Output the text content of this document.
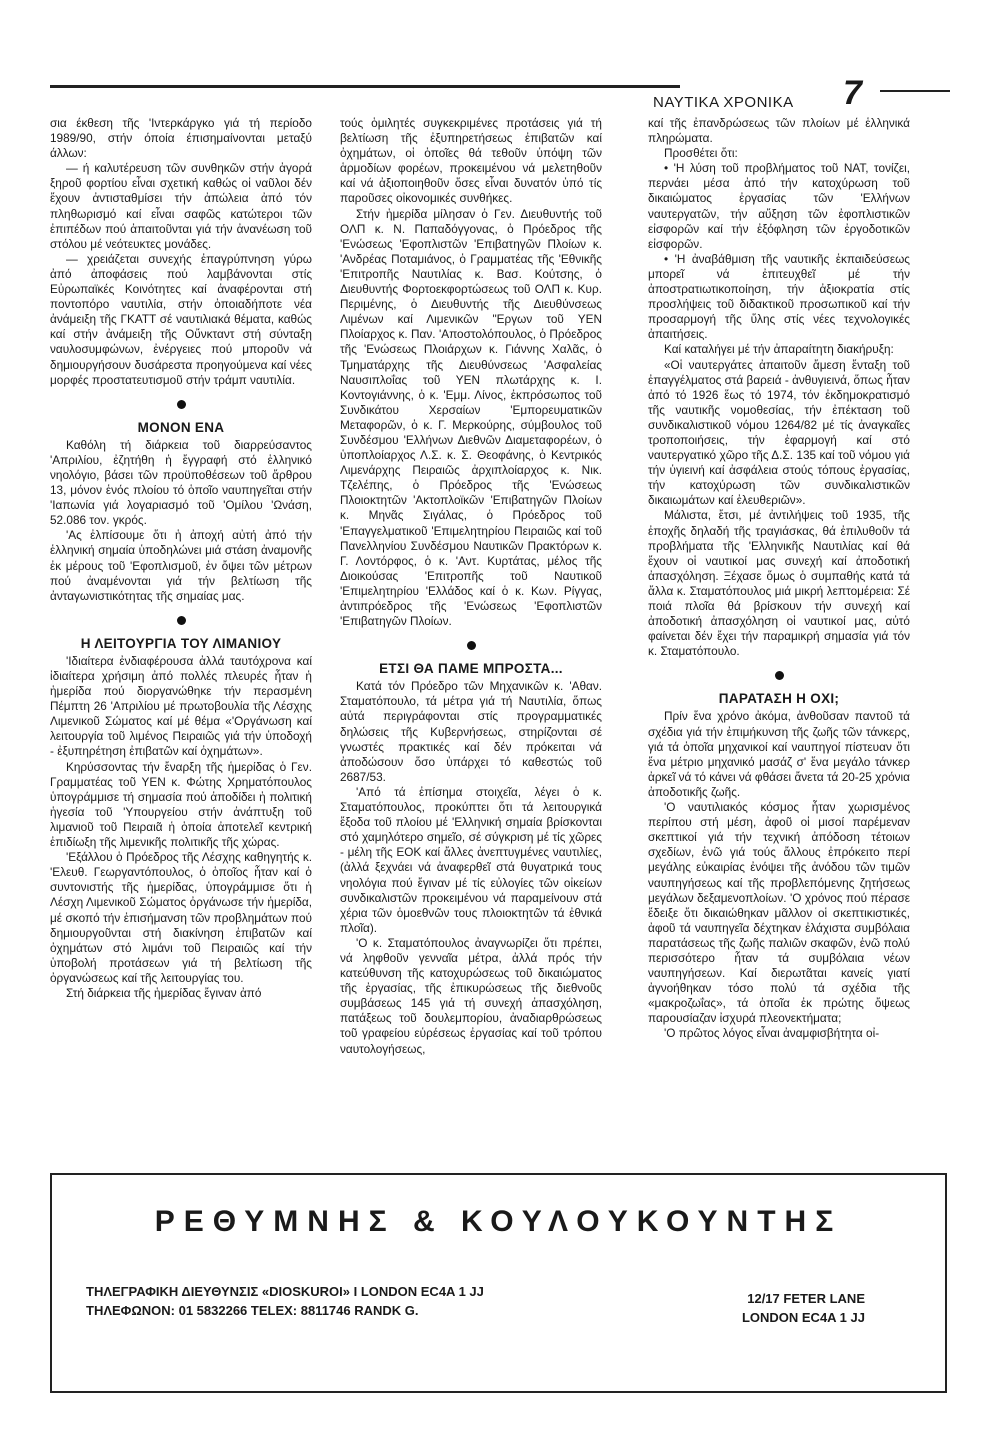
ΝΑΥΤΙΚΑ ΧΡΟΝΙΚΑ 7

σια έκθεση τῆς 'Ιντερκάργκο γιά τή περίοδο 1989/90, στήν όποία έπισημαίνονται μεταξύ άλλων:

— ή καλυτέρευση τῶν συνθηκῶν στήν ἀγορά ξηροῦ φορτίου εἶναι σχετική καθώς οἱ ναῦλοι δέν ἔχουν ἀντισταθμίσει τήν ἀπώλεια ἀπό τόν πληθωρισμό καί εἶναι σαφῶς κατώτεροι τῶν ἐπιπέδων πού ἀπαιτοῦνται γιά τήν ἀνανέωση τοῦ στόλου μέ νεότευκτες μονάδες.

— χρειάζεται συνεχής ἐπαγρύπνηση γύρω ἀπό ἀποφάσεις πού λαμβάνονται στίς Εὐρωπαϊκές Κοινότητες καί ἀναφέρονται στή ποντοπόρο ναυτιλία, στήν ὁποιαδήποτε νέα ἀνάμειξη τῆς ΓΚΑΤΤ σέ ναυτιλιακά θέματα, καθώς καί στήν ἀνάμειξη τῆς Οὔνκταντ στή σύνταξη ναυλοσυμφώνων, ἐνέργειες πού μποροῦν νά δημιουργήσουν δυσάρεστα προηγούμενα καί νέες μορφές προστατευτισμοῦ στήν τράμπ ναυτιλία.

ΜΟΝΟΝ ΕΝΑ

Καθόλη τή διάρκεια τοῦ διαρρεύσαντος 'Απριλίου, ἐζητήθη ἡ ἔγγραφή στό ἑλληνικό νηολόγιο, βάσει τῶν προϋποθέσεων τοῦ ἄρθρου 13, μόνον ἑνός πλοίου τό ὁποῖο ναυπηγεῖται στήν 'Ιαπωνία γιά λογαριασμό τοῦ 'Ομίλου 'Ωνάση, 52.086 τον. γκρός.

'Ας ἐλπίσουμε ὅτι ἡ ἀποχή αὐτή ἀπό τήν ἑλληνική σημαία ὑποδηλώνει μιά στάση ἀναμονῆς ἐκ μέρους τοῦ 'Εφοπλισμοῦ, ἐν ὄψει τῶν μέτρων πού ἀναμένονται γιά τήν βελτίωση τῆς ἀνταγωνιστικότητας τῆς σημαίας μας.

Η ΛΕΙΤΟΥΡΓΙΑ ΤΟΥ ΛΙΜΑΝΙΟΥ

'Ιδιαίτερα ἐνδιαφέρουσα ἀλλά ταυτόχρονα καί ἰδιαίτερα χρήσιμη ἀπό πολλές πλευρές ἦταν ἡ ἡμερίδα πού διοργανώθηκε τήν περασμένη Πέμπτη 26 'Απριλίου μέ πρωτοβουλία τῆς Λέσχης Λιμενικοῦ Σώματος καί μέ θέμα «'Οργάνωση καί λειτουργία τοῦ λιμένος Πειραιῶς γιά τήν ὑποδοχή - ἐξυπηρέτηση ἐπιβατῶν καί ὀχημάτων».

Κηρύσσοντας τήν ἔναρξη τῆς ἡμερίδας ὁ Γεν. Γραμματέας τοῦ ΥΕΝ κ. Φώτης Χρηματόπουλος ὑπογράμμισε τή σημασία πού ἀποδίδει ἡ πολιτική ἡγεσία τοῦ 'Υπουργείου στήν ἀνάπτυξη τοῦ λιμανιοῦ τοῦ Πειραιᾶ ἡ ὁποία ἀποτελεῖ κεντρική ἐπιδίωξη τῆς λιμενικῆς πολιτικῆς τῆς χώρας.

'Εξάλλου ὁ Πρόεδρος τῆς Λέσχης καθηγητής κ. 'Ελευθ. Γεωργαντόπουλος, ὁ ὁποῖος ἦταν καί ὁ συντονιστής τῆς ἡμερίδας, ὑπογράμμισε ὅτι ἡ Λέσχη Λιμενικοῦ Σώματος ὀργάνωσε τήν ἡμερίδα, μέ σκοπό τήν ἐπισήμανση τῶν προβλημάτων πού δημιουργοῦνται στή διακίνηση ἐπιβατῶν καί ὀχημάτων στό λιμάνι τοῦ Πειραιῶς καί τήν ὑποβολή προτάσεων γιά τή βελτίωση τῆς ὀργανώσεως καί τῆς λειτουργίας του.

Στή διάρκεια τῆς ἡμερίδας ἔγιναν ἀπό

τούς ὁμιλητές συγκεκριμένες προτάσεις γιά τή βελτίωση τῆς ἐξυπηρετήσεως ἐπιβατῶν καί ὀχημάτων, οἱ ὁποῖες θά τεθοῦν ὑπόψη τῶν ἁρμοδίων φορέων, προκειμένου νά μελετηθοῦν καί νά ἀξιοποιηθοῦν ὅσες εἶναι δυνατόν ὑπό τίς παροῦσες οἰκονομικές συνθήκες.

Στήν ἡμερίδα μίλησαν ὁ Γεν. Διευθυντής τοῦ ΟΛΠ κ. Ν. Παπαδόγγονας, ὁ Πρόεδρος τῆς 'Ενώσεως 'Εφοπλιστῶν 'Επιβατηγῶν Πλοίων κ. 'Ανδρέας Ποταμιάνος, ὁ Γραμματέας τῆς 'Εθνικῆς 'Επιτροπῆς Ναυτιλίας κ. Βασ. Κούτσης, ὁ Διευθυντής Φορτοεκφορτώσεως τοῦ ΟΛΠ κ. Κυρ. Περιμένης, ὁ Διευθυντής τῆς Διευθύνσεως Λιμένων καί Λιμενικῶν "Εργων τοῦ ΥΕΝ Πλοίαρχος κ. Παν. 'Αποστολόπουλος, ὁ Πρόεδρος τῆς 'Ενώσεως Πλοιάρχων κ. Γιάννης Χαλᾶς, ὁ Τμηματάρχης τῆς Διευθύνσεως 'Ασφαλείας Ναυσιπλοΐας τοῦ ΥΕΝ πλωτάρχης κ. Ι. Κοντογιάννης, ὁ κ. 'Εμμ. Λίνος, ἐκπρόσωπος τοῦ Συνδικάτου Χερσαίων 'Εμπορευματικῶν Μεταφορῶν, ὁ κ. Γ. Μερκούρης, σύμβουλος τοῦ Συνδέσμου 'Ελλήνων Διεθνῶν Διαμεταφορέων, ὁ ὑποπλοίαρχος Λ.Σ. κ. Σ. Θεοφάνης, ὁ Κεντρικός Λιμενάρχης Πειραιῶς ἀρχιπλοίαρχος κ. Νικ. Τζελέπης, ὁ Πρόεδρος τῆς 'Ενώσεως Πλοιοκτητῶν 'Ακτοπλοϊκῶν 'Επιβατηγῶν Πλοίων κ. Μηνᾶς Σιγάλας, ὁ Πρόεδρος τοῦ 'Επαγγελματικοῦ 'Επιμελητηρίου Πειραιῶς καί τοῦ Πανελληνίου Συνδέσμου Ναυτικῶν Πρακτόρων κ. Γ. Λοντόρφος, ὁ κ. 'Αντ. Κυρτάτας, μέλος τῆς Διοικούσας 'Επιτροπῆς τοῦ Ναυτικοῦ 'Επιμελητηρίου 'Ελλάδος καί ὁ κ. Κων. Ρίγγας, ἀντιπρόεδρος τῆς 'Ενώσεως 'Εφοπλιστῶν 'Επιβατηγῶν Πλοίων.

ΕΤΣΙ ΘΑ ΠΑΜΕ ΜΠΡΟΣΤΑ...

Κατά τόν Πρόεδρο τῶν Μηχανικῶν κ. 'Αθαν. Σταματόπουλο, τά μέτρα γιά τή Ναυτιλία, ὅπως αὐτά περιγράφονται στίς προγραμματικές δηλώσεις τῆς Κυβερνήσεως, στηρίζονται σέ γνωστές πρακτικές καί δέν πρόκειται νά ἀποδώσουν ὅσο ὑπάρχει τό καθεστώς τοῦ 2687/53.

'Από τά ἐπίσημα στοιχεῖα, λέγει ὁ κ. Σταματόπουλος, προκύπτει ὅτι τά λειτουργικά ἔξοδα τοῦ πλοίου μέ 'Ελληνική σημαία βρίσκονται στό χαμηλότερο σημεῖο, σέ σύγκριση μέ τίς χῶρες - μέλη τῆς ΕΟΚ καί ἄλλες ἀνεπτυγμένες ναυτιλίες, (ἀλλά ξεχνάει νά ἀναφερθεῖ στά θυγατρικά τους νηολόγια πού ἔγιναν μέ τίς εὐλογίες τῶν οἰκείων συνδικαλιστῶν προκειμένου νά παραμείνουν στά χέρια τῶν ὁμοεθνῶν τους πλοιοκτητῶν τά ἐθνικά πλοῖα).

'Ο κ. Σταματόπουλος ἀναγνωρίζει ὅτι πρέπει, νά ληφθοῦν γενναῖα μέτρα, ἀλλά πρός τήν κατεύθυνση τῆς κατοχυρώσεως τοῦ δικαιώματος τῆς ἐργασίας, τῆς ἐπικυρώσεως τῆς διεθνοῦς συμβάσεως 145 γιά τή συνεχή ἀπασχόληση, πατάξεως τοῦ δουλεμπορίου, ἀναδιαρθρώσεως τοῦ γραφείου εὑρέσεως ἐργασίας καί τοῦ τρόπου ναυτολογήσεως,

καί τῆς ἐπανδρώσεως τῶν πλοίων μέ ἑλληνικά πληρώματα.

Προσθέτει ὅτι:

• 'Η λύση τοῦ προβλήματος τοῦ ΝΑΤ, τονίζει, περνάει μέσα ἀπό τήν κατοχύρωση τοῦ δικαιώματος ἐργασίας τῶν 'Ελλήνων ναυτεργατῶν, τήν αὔξηση τῶν ἐφοπλιστικῶν εἰσφορῶν καί τήν ἐξόφληση τῶν ἐργοδοτικῶν εἰσφορῶν.

• 'Η ἀναβάθμιση τῆς ναυτικῆς ἐκπαιδεύσεως μπορεῖ νά ἐπιτευχθεῖ μέ τήν ἀποστρατιωτικοποίηση, τήν ἀξιοκρατία στίς προσλήψεις τοῦ διδακτικοῦ προσωπικοῦ καί τήν προσαρμογή τῆς ὕλης στίς νέες τεχνολογικές ἀπαιτήσεις.

Καί καταλήγει μέ τήν ἀπαραίτητη διακήρυξη:

«Οἱ ναυτεργάτες ἀπαιτοῦν ἄμεση ἔνταξη τοῦ ἐπαγγέλματος στά βαρειά - ἀνθυγιεινά, ὅπως ἦταν ἀπό τό 1926 ἕως τό 1974, τόν ἐκδημοκρατισμό τῆς ναυτικῆς νομοθεσίας, τήν ἐπέκταση τοῦ συνδικαλιστικοῦ νόμου 1264/82 μέ τίς ἀναγκαῖες τροποποιήσεις, τήν ἐφαρμογή καί στό ναυτεργατικό χῶρο τῆς Δ.Σ. 135 καί τοῦ νόμου γιά τήν ὑγιεινή καί ἀσφάλεια στούς τόπους ἐργασίας, τήν κατοχύρωση τῶν συνδικαλιστικῶν δικαιωμάτων καί ἐλευθεριῶν».

Μάλιστα, ἔτσι, μέ ἀντιλήψεις τοῦ 1935, τῆς ἐποχῆς δηλαδή τῆς τραγιάσκας, θά ἐπιλυθοῦν τά προβλήματα τῆς 'Ελληνικῆς Ναυτιλίας καί θά ἔχουν οἱ ναυτικοί μας συνεχή καί ἀποδοτική ἀπασχόληση. Ξέχασε ὅμως ὁ συμπαθής κατά τά ἄλλα κ. Σταματόπουλος μιά μικρή λεπτομέρεια: Σέ ποιά πλοῖα θά βρίσκουν τήν συνεχή καί ἀποδοτική ἀπασχόληση οἱ ναυτικοί μας, αὐτό φαίνεται δέν ἔχει τήν παραμικρή σημασία γιά τόν κ. Σταματόπουλο.

ΠΑΡΑΤΑΣΗ Η ΟΧΙ;

Πρίν ἕνα χρόνο ἀκόμα, ἀνθοῦσαν παντοῦ τά σχέδια γιά τήν ἐπιμήκυνση τῆς ζωῆς τῶν τάνκερς, γιά τά ὁποῖα μηχανικοί καί ναυπηγοί πίστευαν ὅτι ἕνα μέτριο μηχανικό μασάζ σ' ἕνα μεγάλο τάνκερ ἀρκεῖ νά τό κάνει νά φθάσει ἄνετα τά 20-25 χρόνια ἀποδοτικῆς ζωῆς.

'Ο ναυτιλιακός κόσμος ἦταν χωρισμένος περίπου στή μέση, ἀφοῦ οἱ μισοί παρέμεναν σκεπτικοί γιά τήν τεχνική ἀπόδοση τέτοιων σχεδίων, ἐνῶ γιά τούς ἄλλους ἐπρόκειτο περί μεγάλης εὐκαιρίας ἐνόψει τῆς ἀνόδου τῶν τιμῶν ναυπηγήσεως καί τῆς προβλεπόμενης ζητήσεως μεγάλων δεξαμενοπλοίων. 'Ο χρόνος πού πέρασε ἔδειξε ὅτι δικαιώθηκαν μᾶλλον οἱ σκεπτικιστικές, ἀφοῦ τά ναυπηγεῖα δέχτηκαν ἐλάχιστα συμβόλαια παρατάσεως τῆς ζωῆς παλιῶν σκαφῶν, ἐνῶ πολύ περισσότερο ἦταν τά συμβόλαια νέων ναυπηγήσεων. Καί διερωτᾶται κανείς γιατί ἀγνοήθηκαν τόσο πολύ τά σχέδια τῆς «μακροζωΐας», τά ὁποῖα ἐκ πρώτης ὄψεως παρουσίαζαν ἰσχυρά πλεονεκτήματα;

'Ο πρῶτος λόγος εἶναι ἀναμφισβήτητα οἰ-

ΡΕΘΥΜΝΗΣ & ΚΟΥΛΟΥΚΟΥΝΤΗΣ
ΤΗΛΕΓΡΑΦΙΚΗ ΔΙΕΥΘΥΝΣΙΣ «DIOSKUROI» I LONDON EC4A 1 JJ
ΤΗΛΕΦΩΝΟΝ: 01 5832266 TELEX: 8811746 RANDK G.
12/17 FETER LANE
LONDON EC4A 1 JJ
